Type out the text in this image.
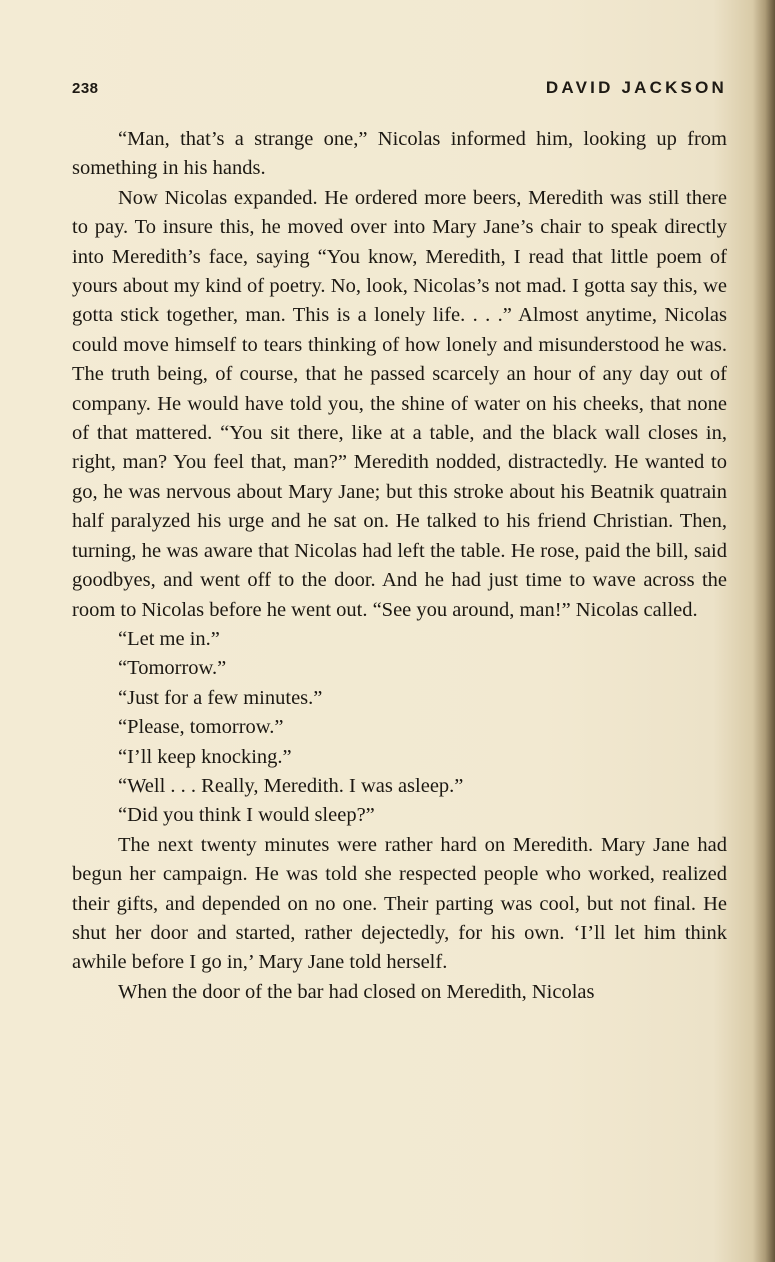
238	DAVID JACKSON

“Man, that’s a strange one,” Nicolas informed him, looking up from something in his hands.

Now Nicolas expanded. He ordered more beers, Meredith was still there to pay. To insure this, he moved over into Mary Jane’s chair to speak directly into Meredith’s face, saying “You know, Meredith, I read that little poem of yours about my kind of poetry. No, look, Nicolas’s not mad. I gotta say this, we gotta stick together, man. This is a lonely life. . . .” Almost anytime, Nicolas could move himself to tears thinking of how lonely and misunderstood he was. The truth being, of course, that he passed scarcely an hour of any day out of company. He would have told you, the shine of water on his cheeks, that none of that mattered. “You sit there, like at a table, and the black wall closes in, right, man? You feel that, man?” Meredith nodded, distractedly. He wanted to go, he was nervous about Mary Jane; but this stroke about his Beatnik quatrain half paralyzed his urge and he sat on. He talked to his friend Christian. Then, turning, he was aware that Nicolas had left the table. He rose, paid the bill, said goodbyes, and went off to the door. And he had just time to wave across the room to Nicolas before he went out. “See you around, man!” Nicolas called.

“Let me in.”

“Tomorrow.”

“Just for a few minutes.”

“Please, tomorrow.”

“I’ll keep knocking.”

“Well . . . Really, Meredith. I was asleep.”

“Did you think I would sleep?”

The next twenty minutes were rather hard on Meredith. Mary Jane had begun her campaign. He was told she respected people who worked, realized their gifts, and depended on no one. Their parting was cool, but not final. He shut her door and started, rather dejectedly, for his own. ‘I’ll let him think awhile before I go in,’ Mary Jane told herself.

When the door of the bar had closed on Meredith, Nicolas
